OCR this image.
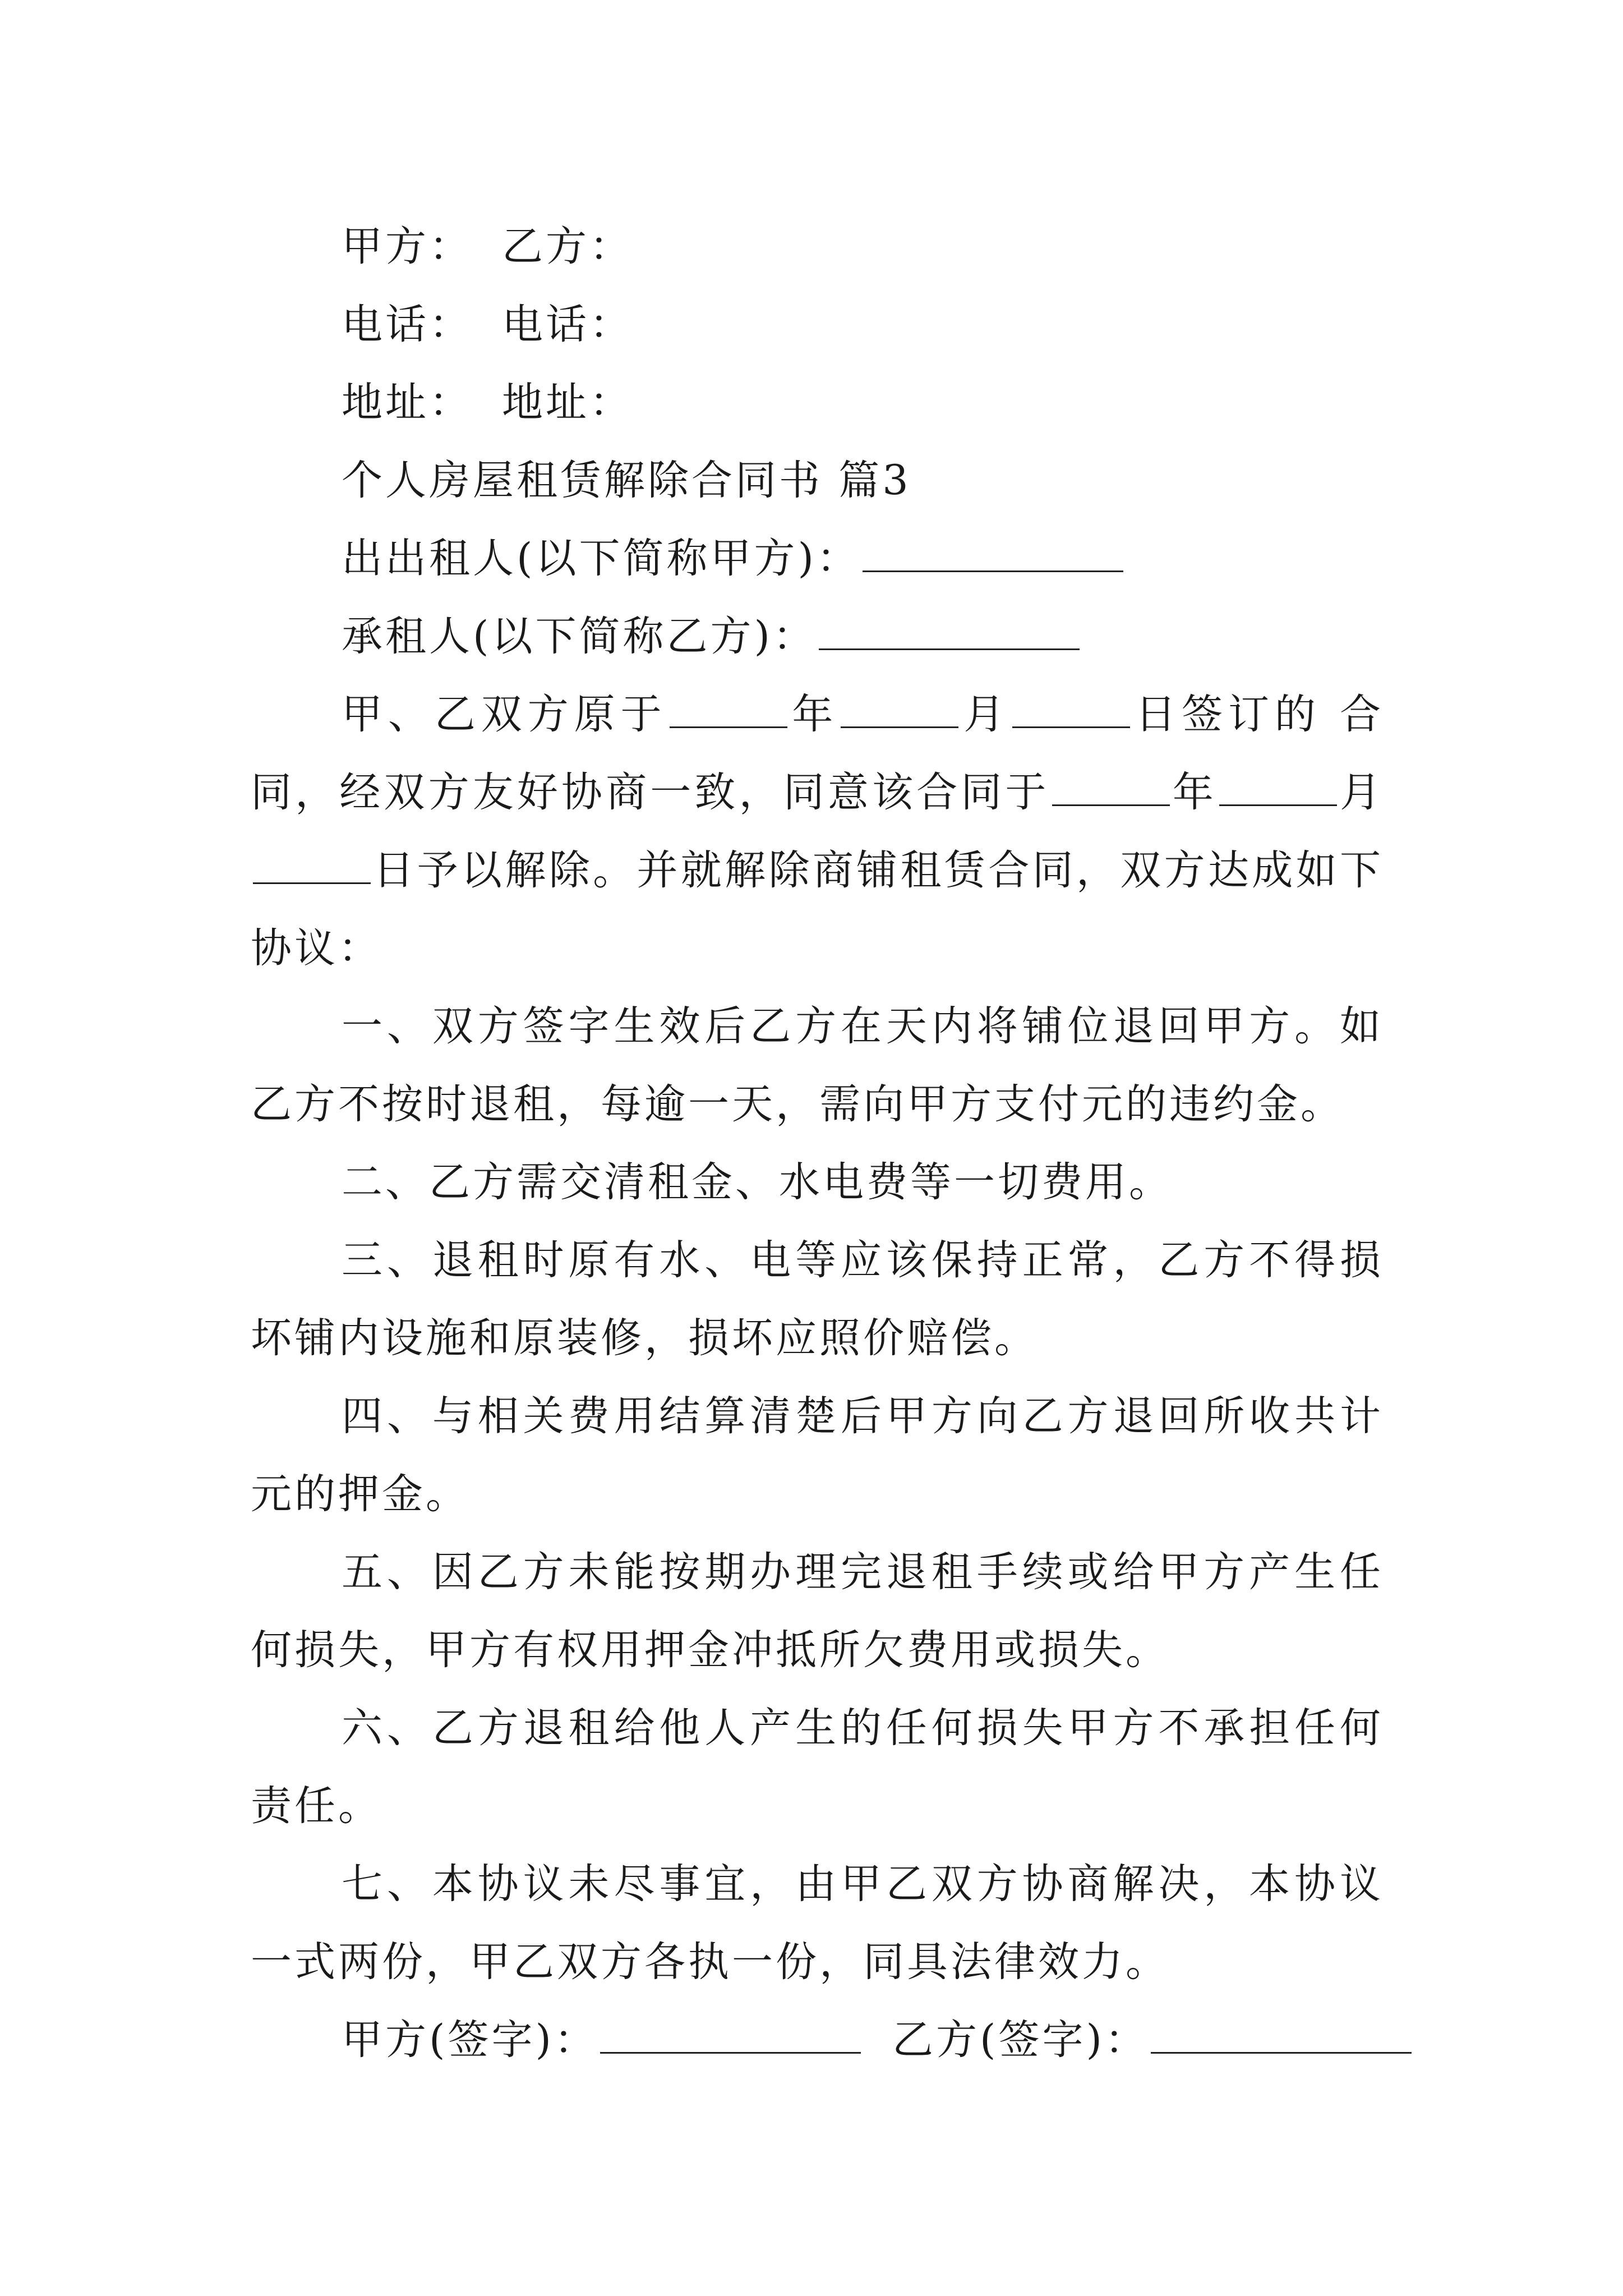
甲方： 乙方：
电话： 电话：
地址： 地址：
个人房屋租赁解除合同书 篇3
出出租人(以下简称甲方)：
承租人(以下简称乙方)：
甲、乙双方原于	年	月	日签订的 合同，经双方友好协商一致，同意该合同于	年	月日予以解除。并就解除商铺租赁合同，双方达成如下协议：
一、双方签字生效后乙方在天内将铺位退回甲方。如乙方不按时退租，每逾一天，需向甲方支付元的违约金。
二、乙方需交清租金、水电费等一切费用。
三、退租时原有水、电等应该保持正常，乙方不得损坏铺内设施和原装修，损坏应照价赔偿。
四、与相关费用结算清楚后甲方向乙方退回所收共计元的押金。
五、因乙方未能按期办理完退租手续或给甲方产生任何损失，甲方有权用押金冲抵所欠费用或损失。
六、乙方退租给他人产生的任何损失甲方不承担任何责任。
七、本协议未尽事宜，由甲乙双方协商解决，本协议一式两份，甲乙双方各执一份，同具法律效力。
甲方(签字)：	乙方(签字)：
